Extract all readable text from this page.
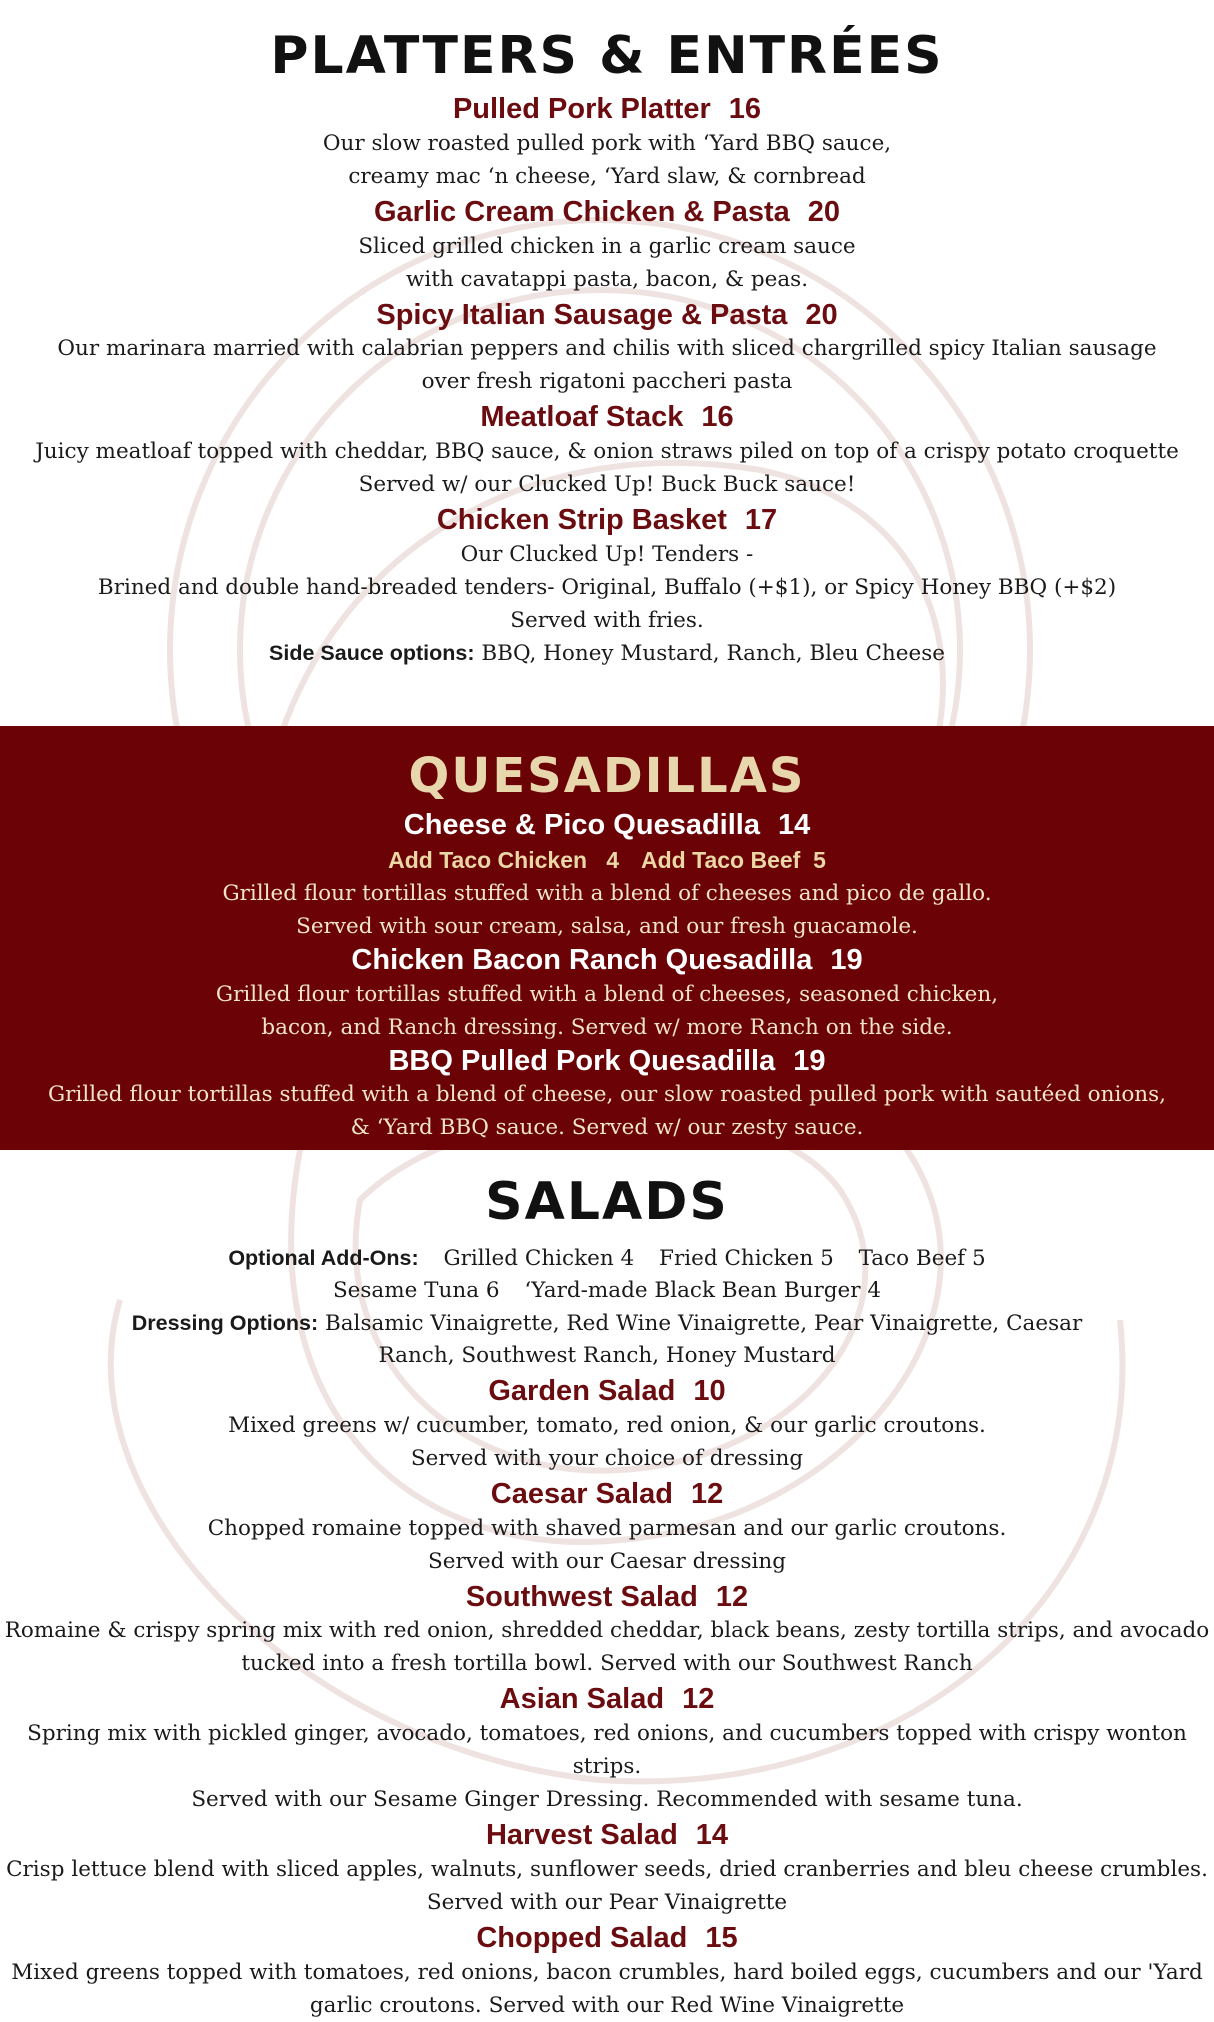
PLATTERS & ENTRÉES

Pulled Pork Platter 16

Our slow roasted pulled pork with ‘Yard BBQ sauce,

creamy mac ‘n cheese, ‘Yard slaw, & cornbread

Garlic Cream Chicken & Pasta 20

Sliced grilled chicken in a garlic cream sauce

with cavatappi pasta, bacon, & peas.

Spicy Italian Sausage & Pasta 20

Our marinara married with calabrian peppers and chilis with sliced chargrilled spicy Italian sausage

over fresh rigatoni paccheri pasta

Meatloaf Stack 16

Juicy meatloaf topped with cheddar, BBQ sauce, & onion straws piled on top of a crispy potato croquette

Served w/ our Clucked Up! Buck Buck sauce!

Chicken Strip Basket 17

Our Clucked Up! Tenders -

Brined and double hand-breaded tenders- Original, Buffalo (+$1), or Spicy Honey BBQ (+$2)

Served with fries.

Side Sauce options: BBQ, Honey Mustard, Ranch, Bleu Cheese

QUESADILLAS

Cheese & Pico Quesadilla 14

Add Taco Chicken   4 Add Taco Beef  5

Grilled flour tortillas stuffed with a blend of cheeses and pico de gallo.

Served with sour cream, salsa, and our fresh guacamole.

Chicken Bacon Ranch Quesadilla 19

Grilled flour tortillas stuffed with a blend of cheeses, seasoned chicken,

bacon, and Ranch dressing. Served w/ more Ranch on the side.

BBQ Pulled Pork Quesadilla 19

Grilled flour tortillas stuffed with a blend of cheese, our slow roasted pulled pork with sautéed onions,

& ‘Yard BBQ sauce. Served w/ our zesty sauce.

SALADS

Optional Add-Ons: Grilled Chicken 4 Fried Chicken 5 Taco Beef 5

Sesame Tuna 6 ‘Yard-made Black Bean Burger 4

Dressing Options: Balsamic Vinaigrette, Red Wine Vinaigrette, Pear Vinaigrette, Caesar

Ranch, Southwest Ranch, Honey Mustard

Garden Salad 10

Mixed greens w/ cucumber, tomato, red onion, & our garlic croutons.

Served with your choice of dressing

Caesar Salad 12

Chopped romaine topped with shaved parmesan and our garlic croutons.

Served with our Caesar dressing

Southwest Salad 12

Romaine & crispy spring mix with red onion, shredded cheddar, black beans, zesty tortilla strips, and avocado

tucked into a fresh tortilla bowl. Served with our Southwest Ranch

Asian Salad 12

Spring mix with pickled ginger, avocado, tomatoes, red onions, and cucumbers topped with crispy wonton strips.

Served with our Sesame Ginger Dressing. Recommended with sesame tuna.

Harvest Salad 14

Crisp lettuce blend with sliced apples, walnuts, sunflower seeds, dried cranberries and bleu cheese crumbles.

Served with our Pear Vinaigrette

Chopped Salad 15

Mixed greens topped with tomatoes, red onions, bacon crumbles, hard boiled eggs, cucumbers and our 'Yard

garlic croutons. Served with our Red Wine Vinaigrette
